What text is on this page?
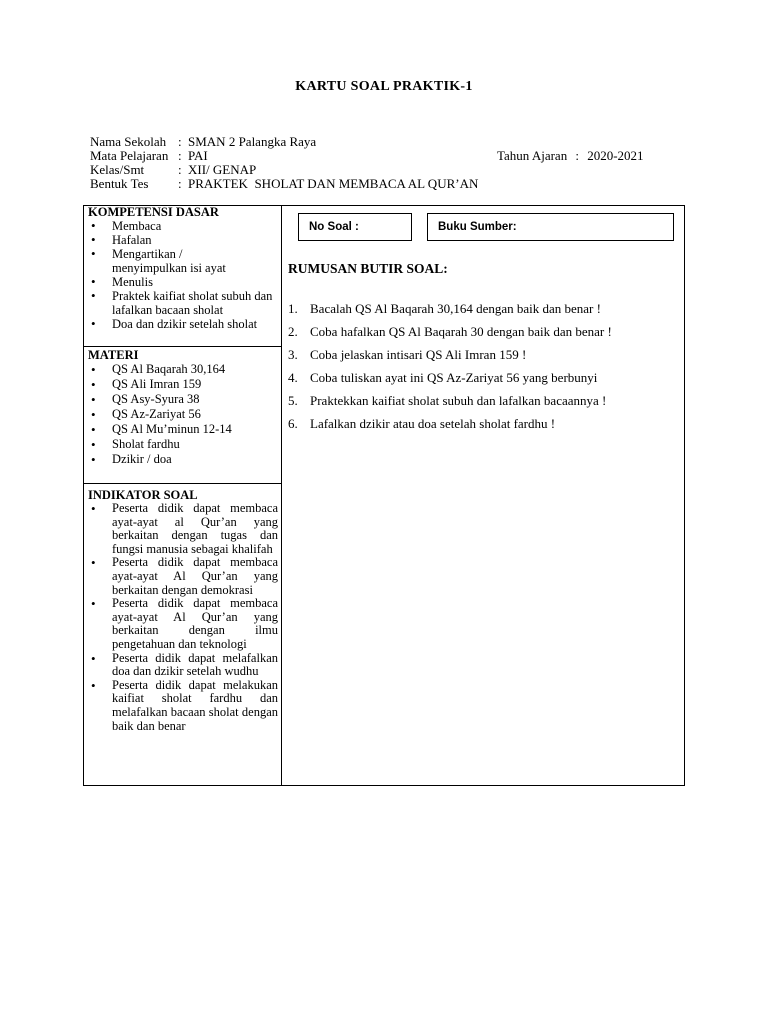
KARTU SOAL PRAKTIK-1
Nama Sekolah : SMAN 2 Palangka Raya
Mata Pelajaran : PAI
Kelas/Smt	: XII/ GENAP
Bentuk Tes : PRAKTEK  SHOLAT DAN MEMBACA AL QUR’AN
Tahun Ajaran : 2020-2021
KOMPETENSI DASAR
• Membaca
• Hafalan
• Mengartikan / menyimpulkan isi ayat
• Menulis
• Praktek kaifiat sholat subuh dan lafalkan bacaan sholat
• Doa dan dzikir setelah sholat
MATERI
• QS Al Baqarah 30,164
• QS Ali Imran 159
• QS Asy-Syura 38
• QS Az-Zariyat 56
• QS Al Mu’minun 12-14
• Sholat fardhu
• Dzikir / doa
INDIKATOR SOAL
• Peserta didik dapat membaca ayat-ayat al Qur’an yang berkaitan dengan tugas dan fungsi manusia sebagai khalifah
• Peserta didik dapat membaca ayat-ayat Al Qur’an yang berkaitan dengan demokrasi
• Peserta didik dapat membaca ayat-ayat Al Qur’an yang berkaitan dengan ilmu pengetahuan dan teknologi
• Peserta didik dapat melafalkan doa dan dzikir setelah wudhu
• Peserta didik dapat melakukan kaifiat sholat fardhu dan melafalkan bacaan sholat dengan baik dan benar
No Soal :	Buku Sumber:
RUMUSAN BUTIR SOAL:
1. Bacalah QS Al Baqarah 30,164 dengan baik dan benar !
2. Coba hafalkan QS Al Baqarah 30 dengan baik dan benar !
3. Coba jelaskan intisari QS Ali Imran 159 !
4. Coba tuliskan ayat ini QS Az-Zariyat 56 yang berbunyi
5. Praktekkan kaifiat sholat subuh dan lafalkan bacaannya !
6. Lafalkan dzikir atau doa setelah sholat fardhu !
